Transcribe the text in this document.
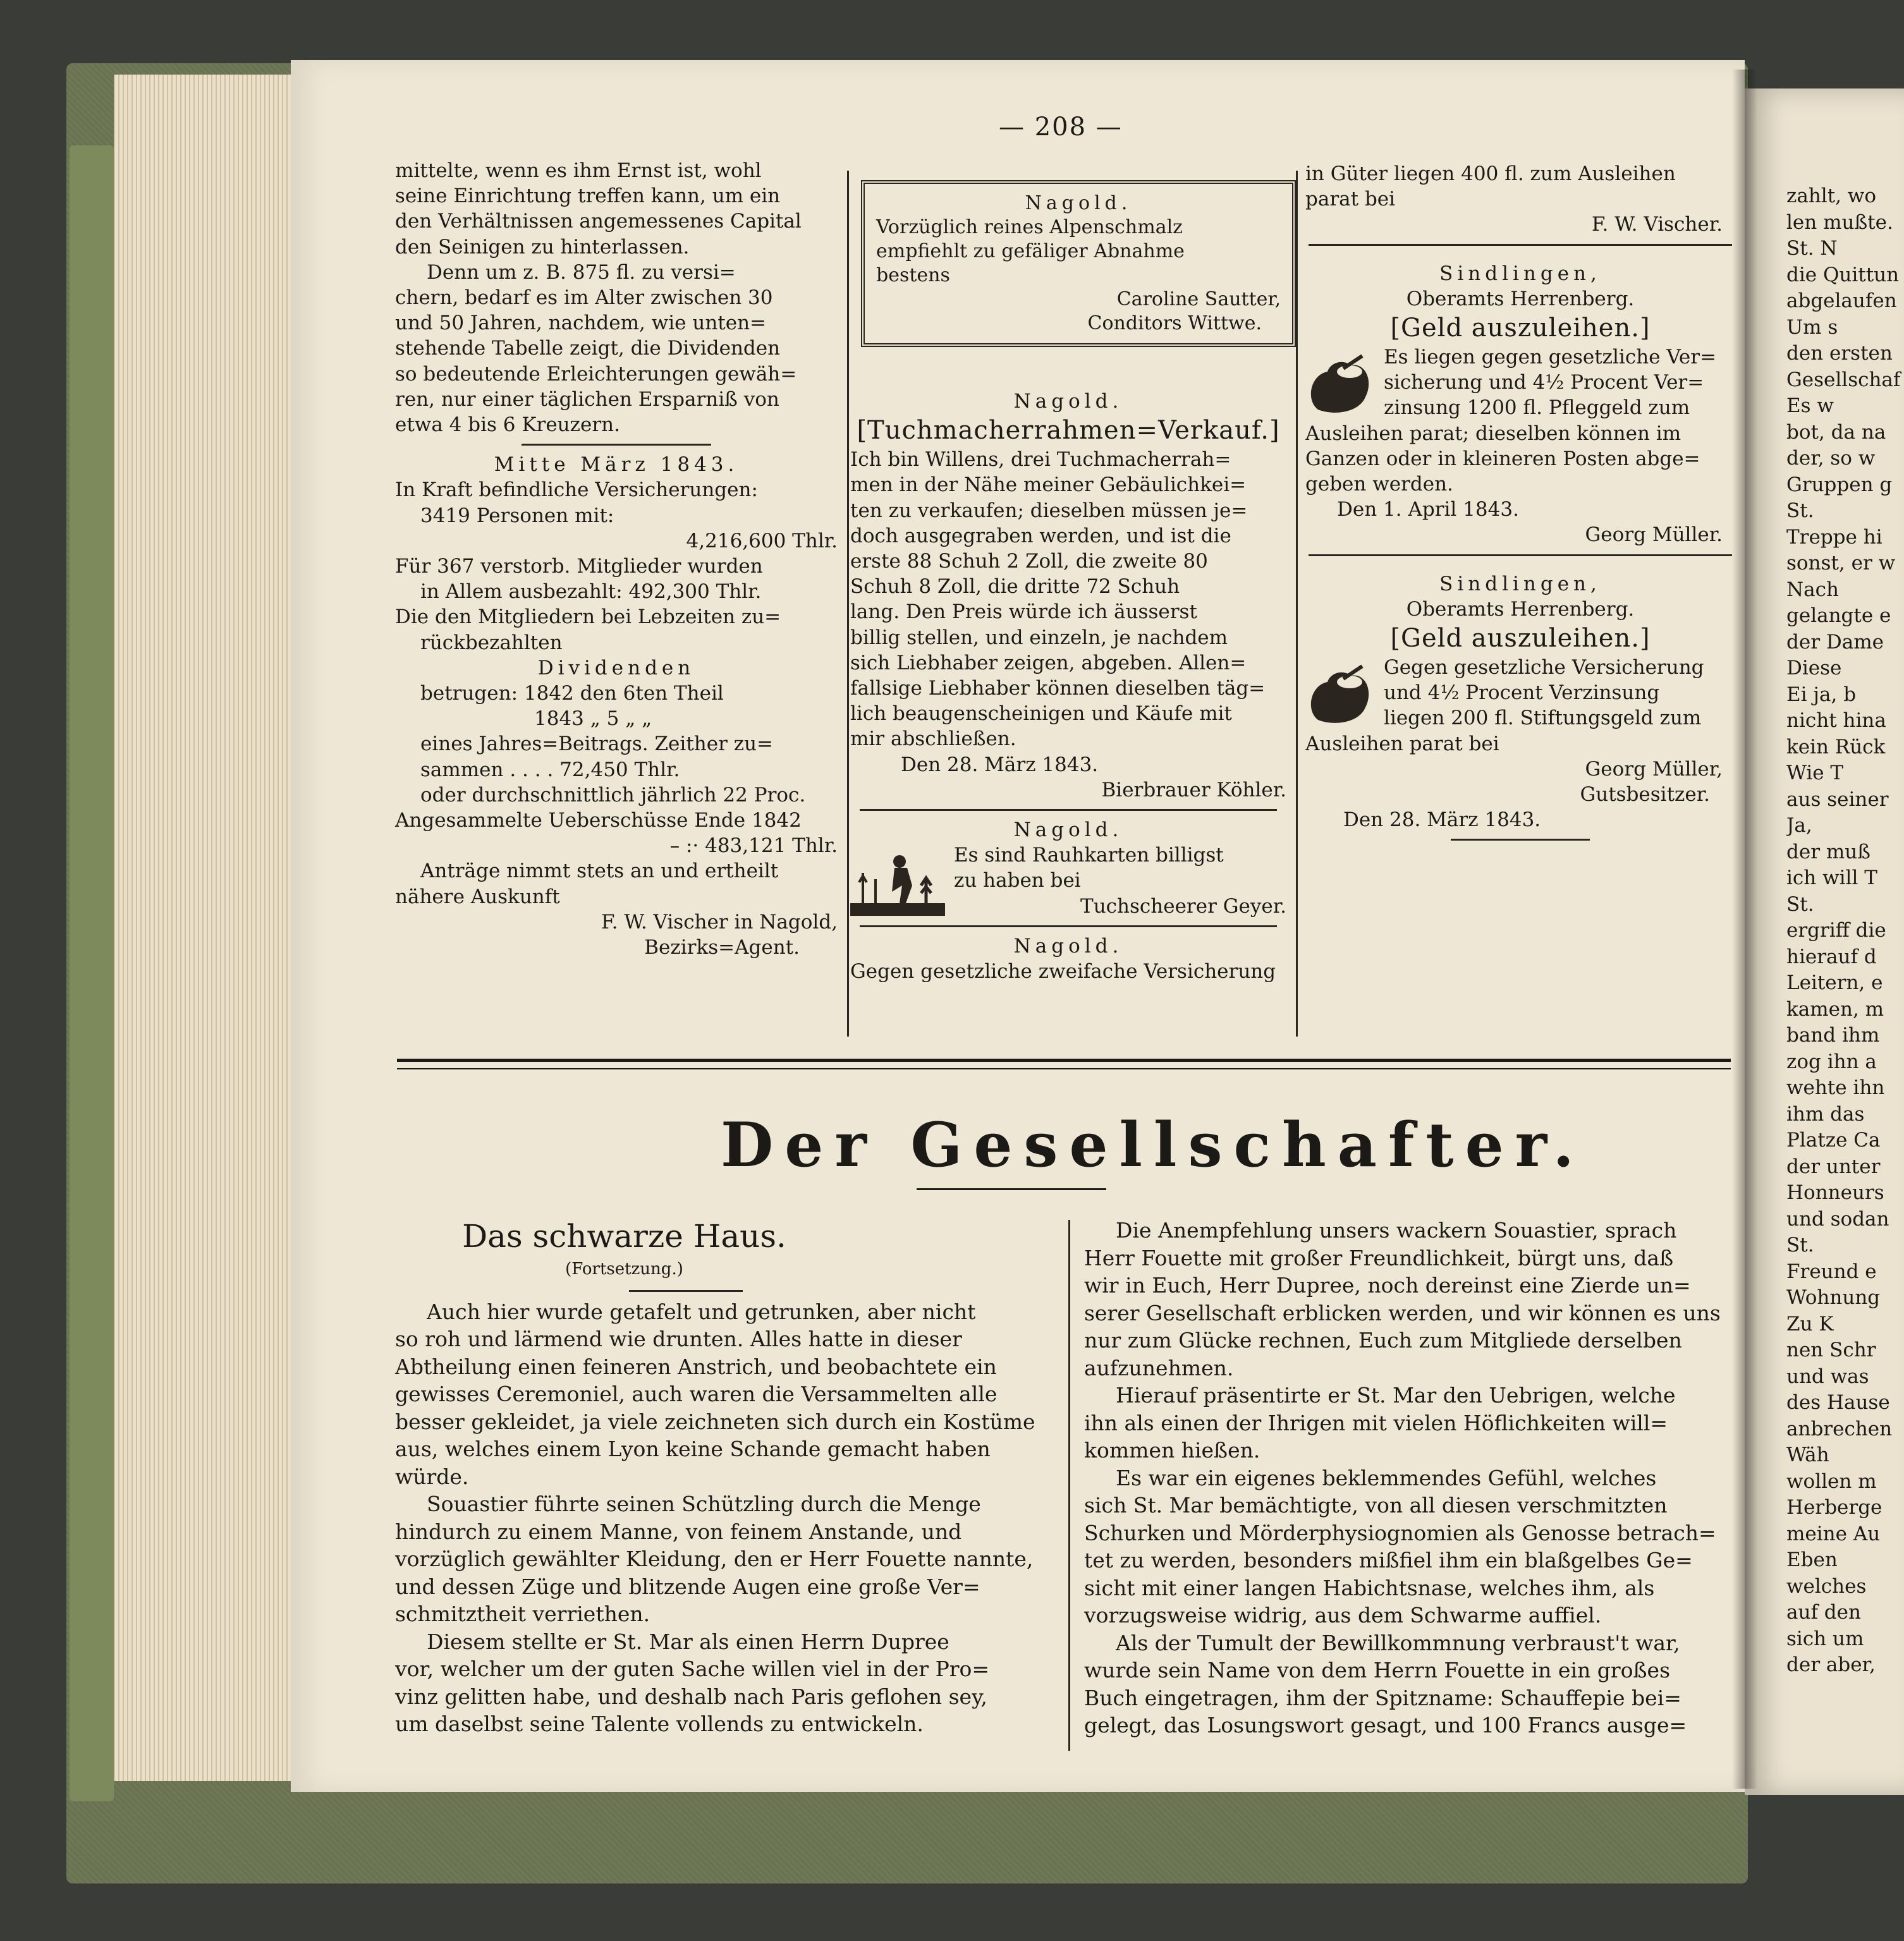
— 208 —

mittelte, wenn es ihm Ernst ist, wohl

seine Einrichtung treffen kann, um ein

den Verhältnissen angemessenes Capital

den Seinigen zu hinterlassen.

Denn um z. B. 875 fl. zu versi=

chern, bedarf es im Alter zwischen 30

und 50 Jahren, nachdem, wie unten=

stehende Tabelle zeigt, die Dividenden

so bedeutende Erleichterungen gewäh=

ren, nur einer täglichen Ersparniß von

etwa 4 bis 6 Kreuzern.

Mitte März 1843.

In Kraft befindliche Versicherungen:

3419 Personen mit:

4,216,600 Thlr.

Für 367 verstorb. Mitglieder wurden

in Allem ausbezahlt: 492,300 Thlr.

Die den Mitgliedern bei Lebzeiten zu=

rückbezahlten

Dividenden

betrugen: 1842 den 6ten Theil

1843 „ 5 „ „

eines Jahres=Beitrags. Zeither zu=

sammen . . . . 72,450 Thlr.

oder durchschnittlich jährlich 22 Proc.

Angesammelte Ueberschüsse Ende 1842

– :· 483,121 Thlr.

Anträge nimmt stets an und ertheilt

nähere Auskunft

F. W. Vischer in Nagold,

Bezirks=Agent.

Nagold.

Vorzüglich reines Alpenschmalz

empfiehlt zu gefäliger Abnahme

bestens

Caroline Sautter,

Conditors Wittwe.

Nagold.

[Tuchmacherrahmen=Verkauf.]

Ich bin Willens, drei Tuchmacherrah=

men in der Nähe meiner Gebäulichkei=

ten zu verkaufen; dieselben müssen je=

doch ausgegraben werden, und ist die

erste 88 Schuh 2 Zoll, die zweite 80

Schuh 8 Zoll, die dritte 72 Schuh

lang. Den Preis würde ich äusserst

billig stellen, und einzeln, je nachdem

sich Liebhaber zeigen, abgeben. Allen=

fallsige Liebhaber können dieselben täg=

lich beaugenscheinigen und Käufe mit

mir abschließen.

Den 28. März 1843.

Bierbrauer Köhler.

Nagold.

Es sind Rauhkarten billigst

zu haben bei

Tuchscheerer Geyer.

Nagold.

Gegen gesetzliche zweifache Versicherung

in Güter liegen 400 fl. zum Ausleihen

parat bei

F. W. Vischer.

Sindlingen,

Oberamts Herrenberg.

[Geld auszuleihen.]

Es liegen gegen gesetzliche Ver=

sicherung und 4½ Procent Ver=

zinsung 1200 fl. Pfleggeld zum

Ausleihen parat; dieselben können im

Ganzen oder in kleineren Posten abge=

geben werden.

Den 1. April 1843.

Georg Müller.

Sindlingen,

Oberamts Herrenberg.

[Geld auszuleihen.]

Gegen gesetzliche Versicherung

und 4½ Procent Verzinsung

liegen 200 fl. Stiftungsgeld zum

Ausleihen parat bei

Georg Müller,

Gutsbesitzer.

Den 28. März 1843.

Der Gesellschafter.

Das schwarze Haus.

(Fortsetzung.)

Auch hier wurde getafelt und getrunken, aber nicht

so roh und lärmend wie drunten. Alles hatte in dieser

Abtheilung einen feineren Anstrich, und beobachtete ein

gewisses Ceremoniel, auch waren die Versammelten alle

besser gekleidet, ja viele zeichneten sich durch ein Kostüme

aus, welches einem Lyon keine Schande gemacht haben

würde.

Souastier führte seinen Schützling durch die Menge

hindurch zu einem Manne, von feinem Anstande, und

vorzüglich gewählter Kleidung, den er Herr Fouette nannte,

und dessen Züge und blitzende Augen eine große Ver=

schmitztheit verriethen.

Diesem stellte er St. Mar als einen Herrn Dupree

vor, welcher um der guten Sache willen viel in der Pro=

vinz gelitten habe, und deshalb nach Paris geflohen sey,

um daselbst seine Talente vollends zu entwickeln.

Die Anempfehlung unsers wackern Souastier, sprach

Herr Fouette mit großer Freundlichkeit, bürgt uns, daß

wir in Euch, Herr Dupree, noch dereinst eine Zierde un=

serer Gesellschaft erblicken werden, und wir können es uns

nur zum Glücke rechnen, Euch zum Mitgliede derselben

aufzunehmen.

Hierauf präsentirte er St. Mar den Uebrigen, welche

ihn als einen der Ihrigen mit vielen Höflichkeiten will=

kommen hießen.

Es war ein eigenes beklemmendes Gefühl, welches

sich St. Mar bemächtigte, von all diesen verschmitzten

Schurken und Mörderphysiognomien als Genosse betrach=

tet zu werden, besonders mißfiel ihm ein blaßgelbes Ge=

sicht mit einer langen Habichtsnase, welches ihm, als

vorzugsweise widrig, aus dem Schwarme auffiel.

Als der Tumult der Bewillkommnung verbraust't war,

wurde sein Name von dem Herrn Fouette in ein großes

Buch eingetragen, ihm der Spitzname: Schauffepie bei=

gelegt, das Losungswort gesagt, und 100 Francs ausge=

zahlt, wo

len mußte.

St. N

die Quittun

abgelaufen

Um s

den ersten

Gesellschaf

Es w

bot, da na

der, so w

Gruppen g

St.

Treppe hi

sonst, er w

Nach

gelangte e

der Dame

Diese

Ei ja, b

nicht hina

kein Rück

Wie T

aus seiner

Ja,

der muß

ich will T

St.

ergriff die

hierauf d

Leitern, e

kamen, m

band ihm

zog ihn a

wehte ihn

ihm das

Platze Ca

der unter

Honneurs

und sodan

St.

Freund e

Wohnung

Zu K

nen Schr

und was

des Hause

anbrechen

Wäh

wollen m

Herberge

meine Au

Eben

welches

auf den

sich um

der aber,
